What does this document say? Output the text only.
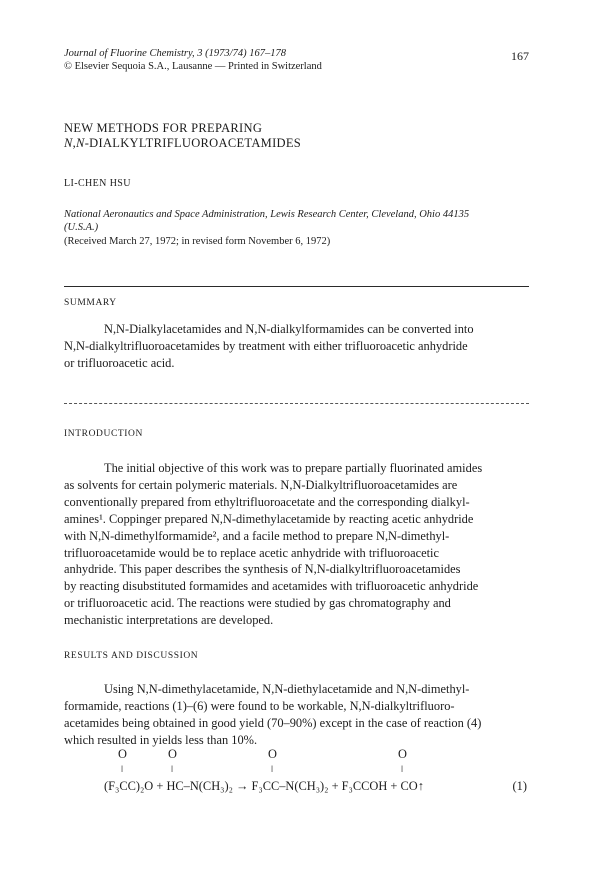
Journal of Fluorine Chemistry, 3 (1973/74) 167–178
© Elsevier Sequoia S.A., Lausanne — Printed in Switzerland
167
NEW METHODS FOR PREPARING
N,N-DIALKYLTRIFLUOROACETAMIDES
LI-CHEN HSU
National Aeronautics and Space Administration, Lewis Research Center, Cleveland, Ohio 44135
(U.S.A.)
(Received March 27, 1972; in revised form November 6, 1972)
SUMMARY
N,N-Dialkylacetamides and N,N-dialkylformamides can be converted into
N,N-dialkyltrifluoroacetamides by treatment with either trifluoroacetic anhydride
or trifluoroacetic acid.
INTRODUCTION
The initial objective of this work was to prepare partially fluorinated amides
as solvents for certain polymeric materials. N,N-Dialkyltrifluoroacetamides are
conventionally prepared from ethyltrifluoroacetate and the corresponding dialkyl-
amines¹. Coppinger prepared N,N-dimethylacetamide by reacting acetic anhydride
with N,N-dimethylformamide², and a facile method to prepare N,N-dimethyl-
trifluoroacetamide would be to replace acetic anhydride with trifluoroacetic
anhydride. This paper describes the synthesis of N,N-dialkyltrifluoroacetamides
by reacting disubstituted formamides and acetamides with trifluoroacetic anhydride
or trifluoroacetic acid. The reactions were studied by gas chromatography and
mechanistic interpretations are developed.
RESULTS AND DISCUSSION
Using N,N-dimethylacetamide, N,N-diethylacetamide and N,N-dimethyl-
formamide, reactions (1)–(6) were found to be workable, N,N-dialkyltrifluoro-
acetamides being obtained in good yield (70–90%) except in the case of reaction (4)
which resulted in yields less than 10%.
O	O	O	O
‖	‖	‖	‖
(F₃CC)₂O + HC–N(CH₃)₂ → F₃CC–N(CH₃)₂ + F₃CCOH + CO↑	(1)
